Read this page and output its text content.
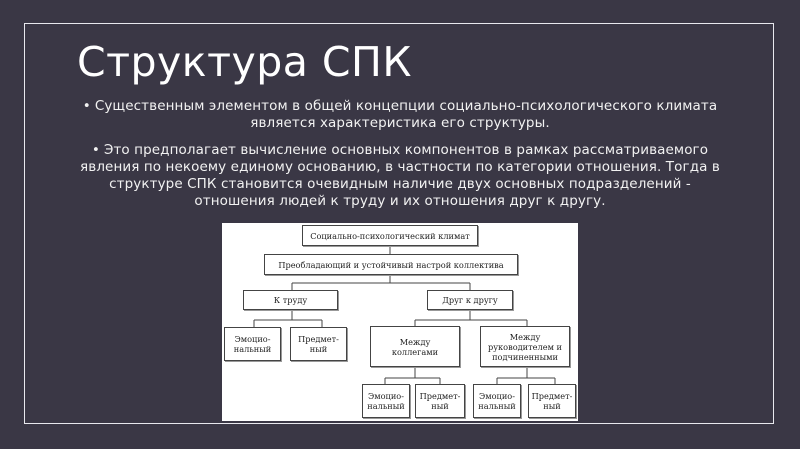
Структура СПК

• Существенным элементом в общей концепции социально-психологического климата является характеристика его структуры.

• Это предполагает вычисление основных компонентов в рамках рассматриваемого явления по некоему единому основанию, в частности по категории отношения. Тогда в структуре СПК становится очевидным наличие двух основных подразделений - отношения людей к труду и их отношения друг к другу.

Социально-психологический климат
Преобладающий и устойчивый настрой коллектива
К труду	Друг к другу
Эмоцио-нальный
Предмет-ный
Между коллегами
Между руководителем и подчиненными
Эмоцио-нальный
Предмет-ный
Эмоцио-нальный
Предмет-ный
